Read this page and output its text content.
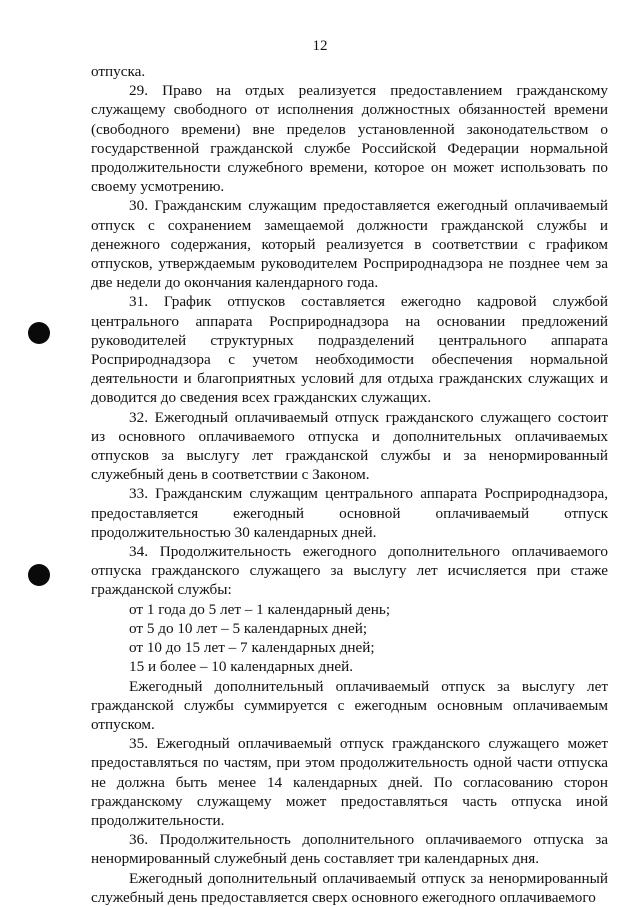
12

отпуска.

29. Право на отдых реализуется предоставлением гражданскому служащему свободного от исполнения должностных обязанностей времени (свободного времени) вне пределов установленной законодательством о государственной гражданской службе Российской Федерации нормальной продолжительности служебного времени, которое он может использовать по своему усмотрению.

30. Гражданским служащим предоставляется ежегодный оплачиваемый отпуск с сохранением замещаемой должности гражданской службы и денежного содержания, который реализуется в соответствии с графиком отпусков, утверждаемым руководителем Росприроднадзора не позднее чем за две недели до окончания календарного года.

31. График отпусков составляется ежегодно кадровой службой центрального аппарата Росприроднадзора на основании предложений руководителей структурных подразделений центрального аппарата Росприроднадзора с учетом необходимости обеспечения нормальной деятельности и благоприятных условий для отдыха гражданских служащих и доводится до сведения всех гражданских служащих.

32. Ежегодный оплачиваемый отпуск гражданского служащего состоит из основного оплачиваемого отпуска и дополнительных оплачиваемых отпусков за выслугу лет гражданской службы и за ненормированный служебный день в соответствии с Законом.

33. Гражданским служащим центрального аппарата Росприроднадзора, предоставляется ежегодный основной оплачиваемый отпуск продолжительностью 30 календарных дней.

34. Продолжительность ежегодного дополнительного оплачиваемого отпуска гражданского служащего за выслугу лет исчисляется при стаже гражданской службы:

от 1 года до 5 лет – 1 календарный день;

от 5 до 10 лет – 5 календарных дней;

от 10 до 15 лет – 7 календарных дней;

15 и более – 10 календарных дней.

Ежегодный дополнительный оплачиваемый отпуск за выслугу лет гражданской службы суммируется с ежегодным основным оплачиваемым отпуском.

35. Ежегодный оплачиваемый отпуск гражданского служащего может предоставляться по частям, при этом продолжительность одной части отпуска не должна быть менее 14 календарных дней. По согласованию сторон гражданскому служащему может предоставляться часть отпуска иной продолжительности.

36. Продолжительность дополнительного оплачиваемого отпуска за ненормированный служебный день составляет три календарных дня.

Ежегодный дополнительный оплачиваемый отпуск за ненормированный служебный день предоставляется сверх основного ежегодного оплачиваемого
